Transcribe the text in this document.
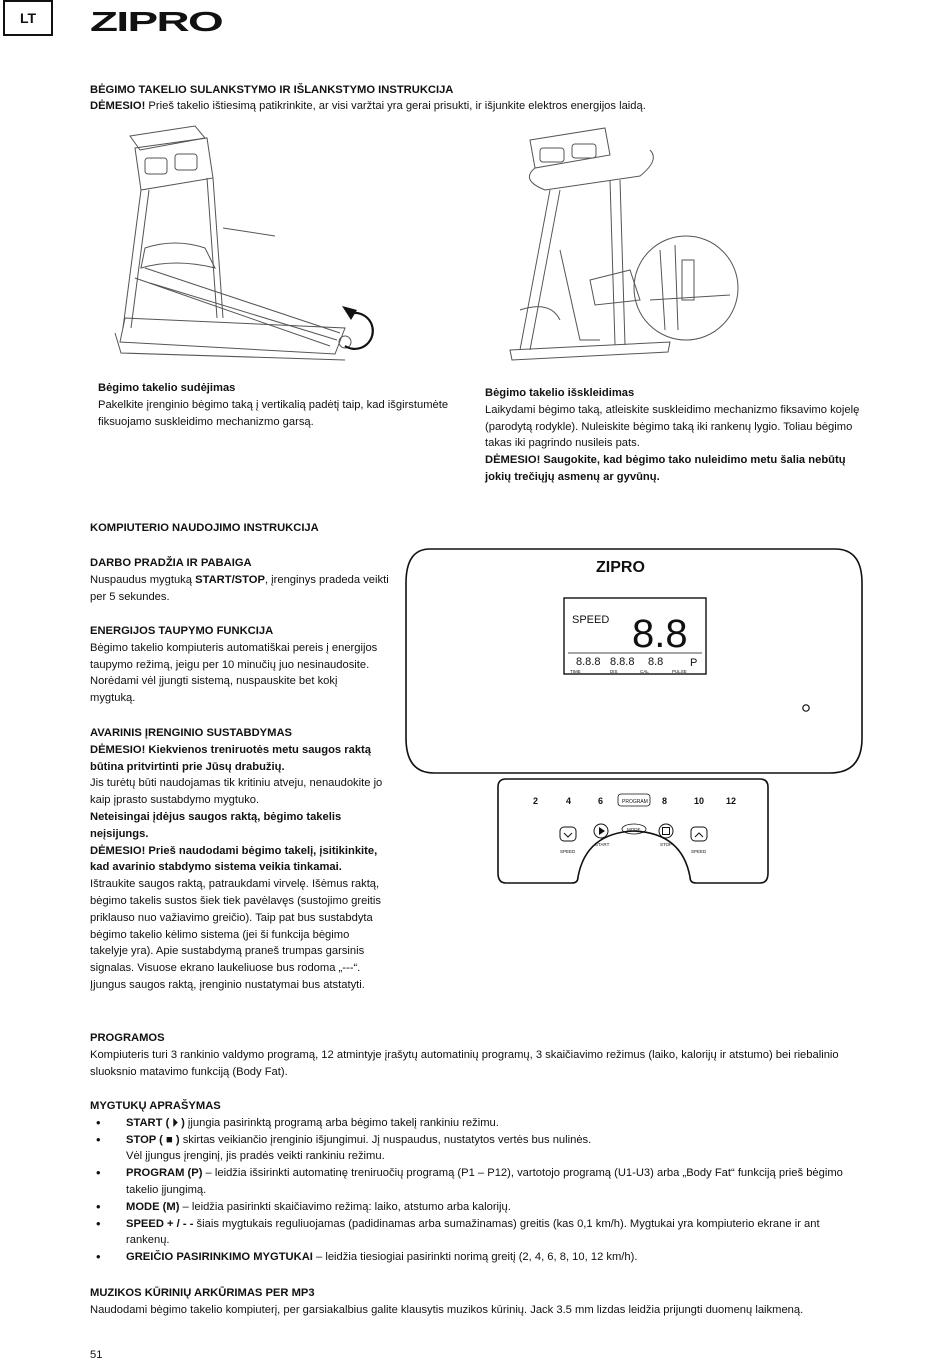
LT	ZIPRO
BĖGIMO TAKELIO SULANKSTYMO IR IŠLANKSTYMO INSTRUKCIJA
DĖMESIO! Prieš takelio ištiesimą patikrinkite, ar visi varžtai yra gerai prisukti, ir išjunkite elektros energijos laidą.

Bėgimo takelio sudėjimas

Pakelkite įrenginio bėgimo taką į vertikalią padėtį taip, kad išgirstumėte fiksuojamo suskleidimo mechanizmo garsą.

Bėgimo takelio išskleidimas

Laikydami bėgimo taką, atleiskite suskleidimo mechanizmo fiksavimo kojelę (parodytą rodykle). Nuleiskite bėgimo taką iki rankenų lygio. Toliau bėgimo takas iki pagrindo nusileis pats.

DĖMESIO! Saugokite, kad bėgimo tako nuleidimo metu šalia nebūtų jokių trečiųjų asmenų ar gyvūnų.

KOMPIUTERIO NAUDOJIMO INSTRUKCIJA

DARBO PRADŽIA IR PABAIGA

Nuspaudus mygtuką START/STOP, įrenginys pradeda veikti per 5 sekundes.

ENERGIJOS TAUPYMO FUNKCIJA

Bėgimo takelio kompiuteris automatiškai pereis į energijos taupymo režimą, jeigu per 10 minučių juo nesinaudosite. Norėdami vėl įjungti sistemą, nuspauskite bet kokį mygtuką.

AVARINIS ĮRENGINIO SUSTABDYMAS

DĖMESIO! Kiekvienos treniruotės metu saugos raktą būtina pritvirtinti prie Jūsų drabužių.

Jis turėtų būti naudojamas tik kritiniu atveju, nenaudokite jo kaip įprasto sustabdymo mygtuko.

Neteisingai įdėjus saugos raktą, bėgimo takelis neįsijungs.

DĖMESIO! Prieš naudodami bėgimo takelį, įsitikinkite, kad avarinio stabdymo sistema veikia tinkamai.

Ištraukite saugos raktą, patraukdami virvelę. Išėmus raktą, bėgimo takelis sustos šiek tiek pavėlavęs (sustojimo greitis priklauso nuo važiavimo greičio). Taip pat bus sustabdyta bėgimo takelio kėlimo sistema (jei ši funkcija bėgimo takelyje yra). Apie sustabdymą praneš trumpas garsinis signalas. Visuose ekrano laukeliuose bus rodoma „---“.

Įjungus saugos raktą, įrenginio nustatymai bus atstatyti.

ZIPRO
SPEED 8.8
8.8.8 8.8.8 8.8 P
TIME	DIS	CAL	PULSE
2	4	6	PROGRAM 8	10 12
MODE
SPEED
START	STOP
SPEED

PROGRAMOS

Kompiuteris turi 3 rankinio valdymo programą, 12 atmintyje įrašytų automatinių programų, 3 skaičiavimo režimus (laiko, kalorijų ir atstumo) bei riebalinio sluoksnio matavimo funkciją (Body Fat).

MYGTUKŲ APRAŠYMAS

• START ( ⏵ ) įjungia pasirinktą programą arba bėgimo takelį rankiniu režimu.
• STOP ( ■ ) skirtas veikiančio įrenginio išjungimui. Jį nuspaudus, nustatytos vertės bus nulinės.
Vėl įjungus įrenginį, jis pradės veikti rankiniu režimu.
• PROGRAM (P) – leidžia išsirinkti automatinę treniruočių programą (P1 – P12), vartotojo programą (U1-U3) arba „Body Fat“ funkciją prieš bėgimo takelio įjungimą.
• MODE (M) – leidžia pasirinkti skaičiavimo režimą: laiko, atstumo arba kalorijų.
• SPEED + / - - šiais mygtukais reguliuojamas (padidinamas arba sumažinamas) greitis (kas 0,1 km/h). Mygtukai yra kompiuterio ekrane ir ant rankenų.
• GREIČIO PASIRINKIMO MYGTUKAI – leidžia tiesiogiai pasirinkti norimą greitį (2, 4, 6, 8, 10, 12 km/h).

MUZIKOS KŪRINIŲ ARKŪRIMAS PER MP3

Naudodami bėgimo takelio kompiuterį, per garsiakalbius galite klausytis muzikos kūrinių. Jack 3.5 mm lizdas leidžia prijungti duomenų laikmeną.

51
